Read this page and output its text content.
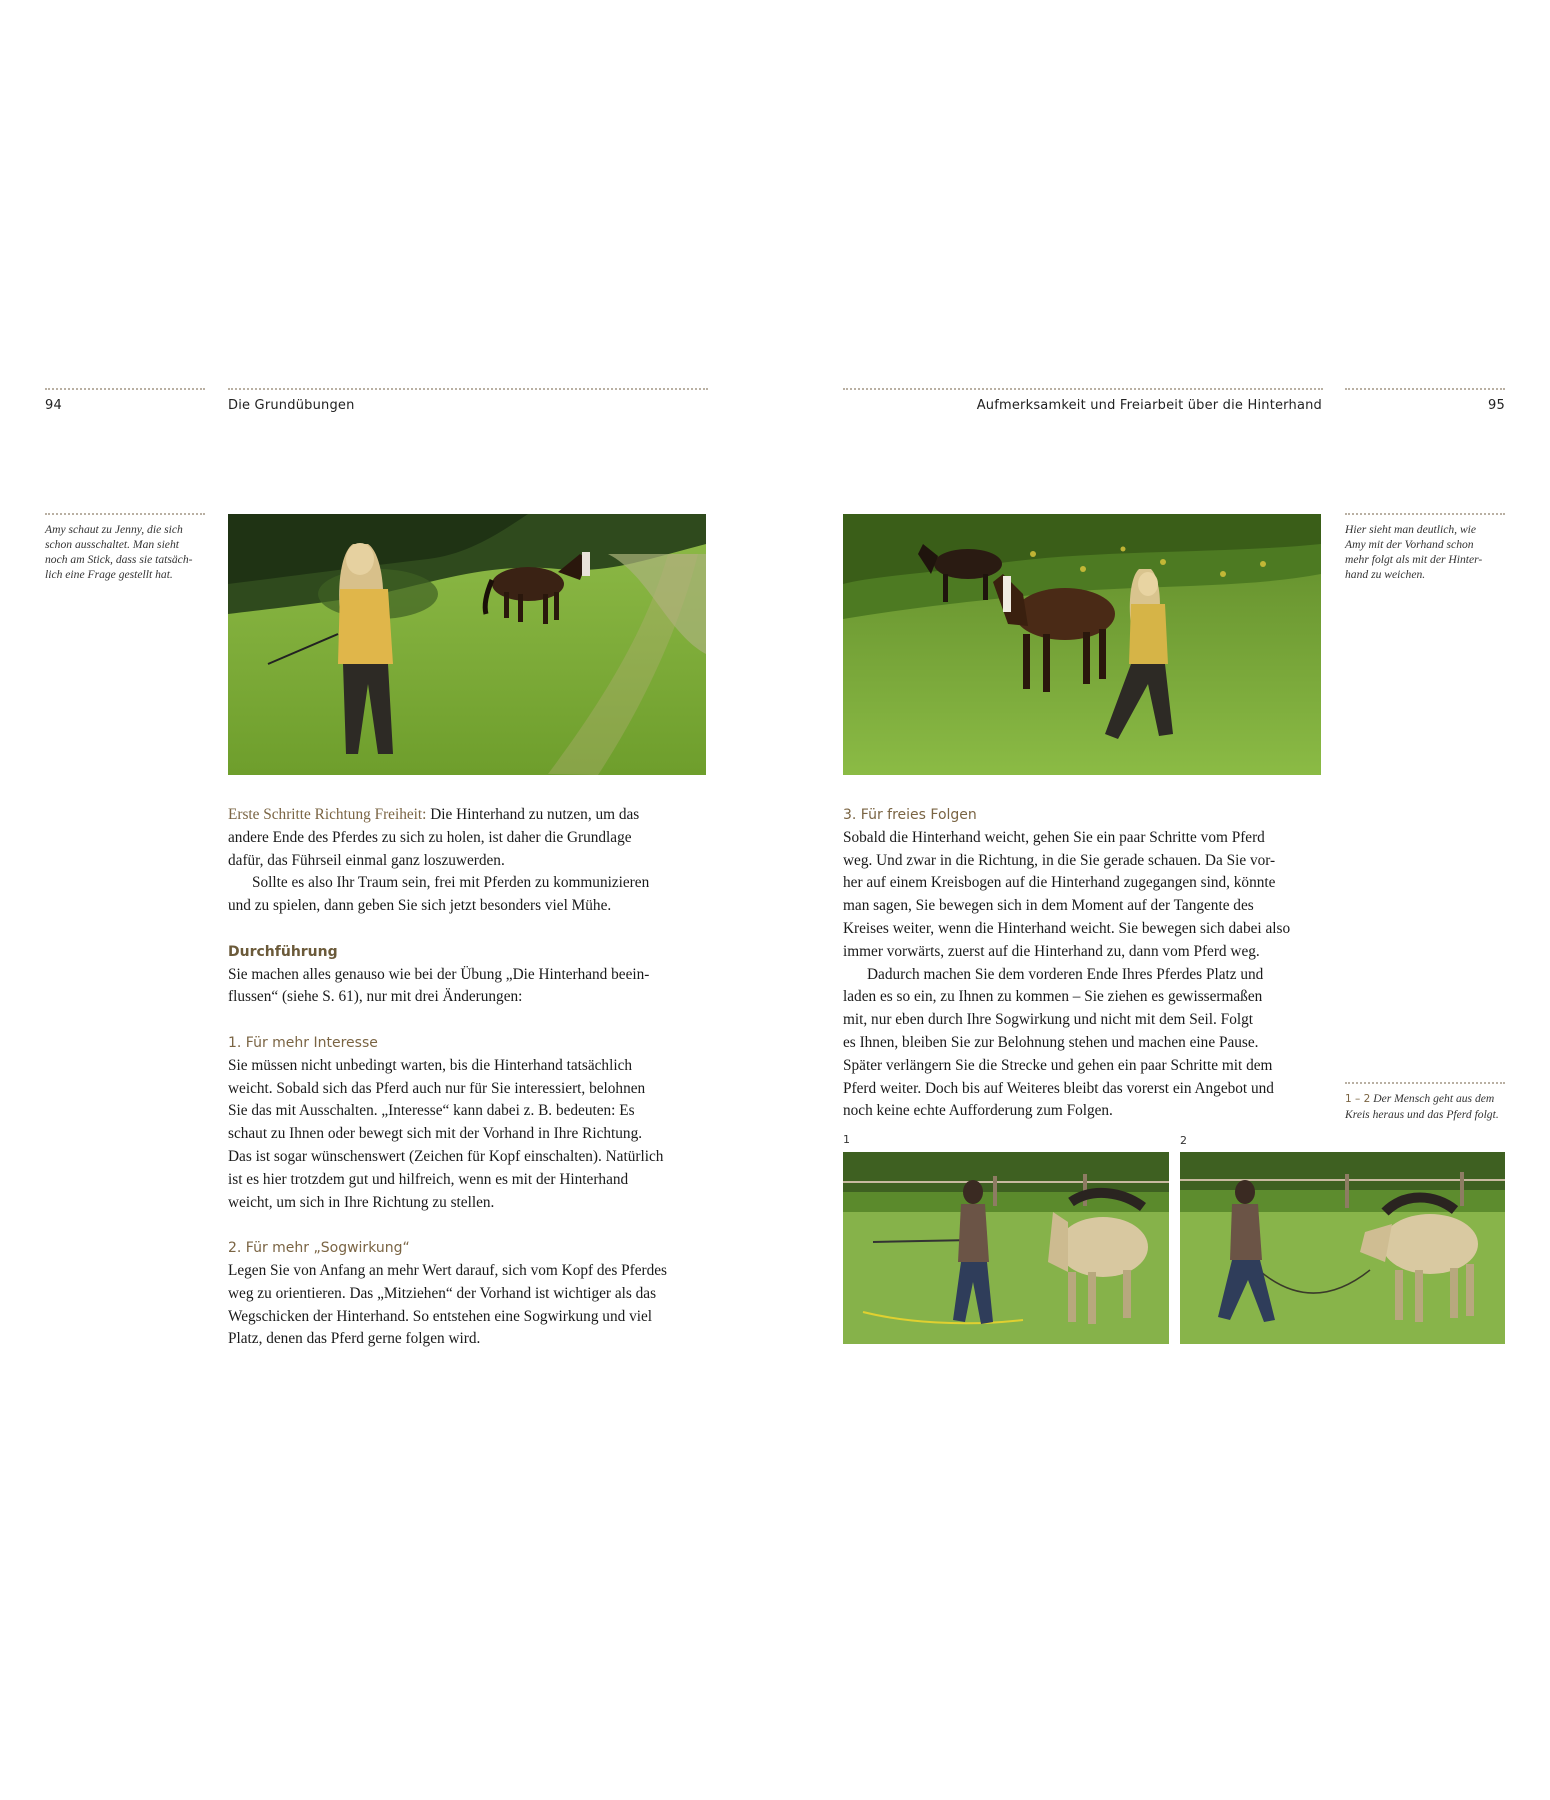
94	Die Grundübungen
Amy schaut zu Jenny, die sich
schon ausschaltet. Man sieht
noch am Stick, dass sie tatsäch-
lich eine Frage gestellt hat.

Erste Schritte Richtung Freiheit: Die Hinterhand zu nutzen, um das

andere Ende des Pferdes zu sich zu holen, ist daher die Grundlage

dafür, das Führseil einmal ganz loszuwerden.

Sollte es also Ihr Traum sein, frei mit Pferden zu kommunizieren

und zu spielen, dann geben Sie sich jetzt besonders viel Mühe.

Durchführung

Sie machen alles genauso wie bei der Übung „Die Hinterhand beein-

flussen“ (siehe S. 61), nur mit drei Änderungen:

1. Für mehr Interesse

Sie müssen nicht unbedingt warten, bis die Hinterhand tatsächlich

weicht. Sobald sich das Pferd auch nur für Sie interessiert, belohnen

Sie das mit Ausschalten. „Interesse“ kann dabei z. B. bedeuten: Es

schaut zu Ihnen oder bewegt sich mit der Vorhand in Ihre Richtung.

Das ist sogar wünschenswert (Zeichen für Kopf einschalten). Natürlich

ist es hier trotzdem gut und hilfreich, wenn es mit der Hinterhand

weicht, um sich in Ihre Richtung zu stellen.

2. Für mehr „Sogwirkung“

Legen Sie von Anfang an mehr Wert darauf, sich vom Kopf des Pferdes

weg zu orientieren. Das „Mitziehen“ der Vorhand ist wichtiger als das

Wegschicken der Hinterhand. So entstehen eine Sogwirkung und viel

Platz, denen das Pferd gerne folgen wird.

Aufmerksamkeit und Freiarbeit über die Hinterhand	95
Hier sieht man deutlich, wie
Amy mit der Vorhand schon
mehr folgt als mit der Hinter-
hand zu weichen.

3. Für freies Folgen

Sobald die Hinterhand weicht, gehen Sie ein paar Schritte vom Pferd

weg. Und zwar in die Richtung, in die Sie gerade schauen. Da Sie vor-

her auf einem Kreisbogen auf die Hinterhand zugegangen sind, könnte

man sagen, Sie bewegen sich in dem Moment auf der Tangente des

Kreises weiter, wenn die Hinterhand weicht. Sie bewegen sich dabei also

immer vorwärts, zuerst auf die Hinterhand zu, dann vom Pferd weg.

Dadurch machen Sie dem vorderen Ende Ihres Pferdes Platz und

laden es so ein, zu Ihnen zu kommen – Sie ziehen es gewissermaßen

mit, nur eben durch Ihre Sogwirkung und nicht mit dem Seil. Folgt

es Ihnen, bleiben Sie zur Belohnung stehen und machen eine Pause.

Später verlängern Sie die Strecke und gehen ein paar Schritte mit dem

Pferd weiter. Doch bis auf Weiteres bleibt das vorerst ein Angebot und

noch keine echte Aufforderung zum Folgen.

1 – 2 Der Mensch geht aus dem
Kreis heraus und das Pferd folgt.
1	2
